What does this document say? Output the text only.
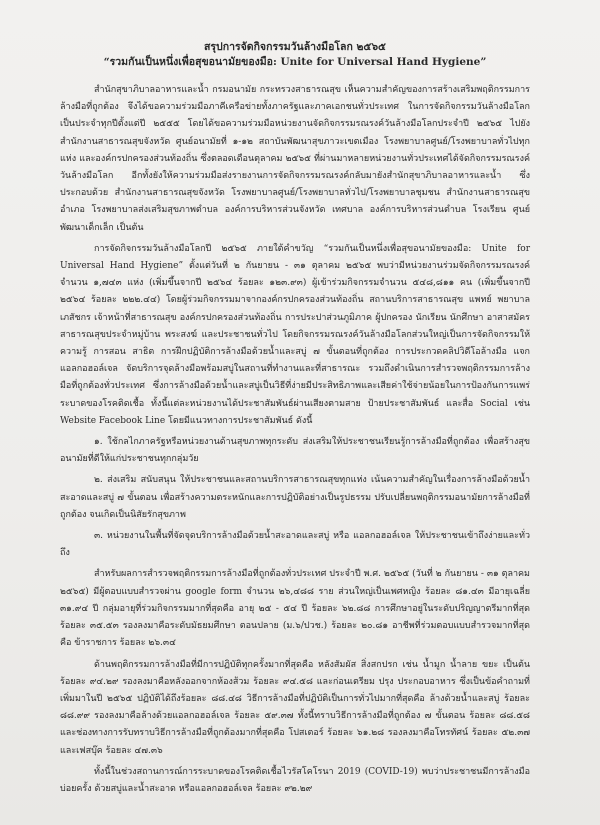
สรุปการจัดกิจกรรมวันล้างมือโลก ๒๕๖๕
“รวมกันเป็นหนึ่งเพื่อสุขอนามัยของมือ: Unite for Universal Hand Hygiene”

สำนักสุขาภิบาลอาหารและน้ำ กรมอนามัย กระทรวงสาธารณสุข เห็นความสำคัญของการสร้างเสริมพฤติกรรมการล้างมือที่ถูกต้อง จึงได้ขอความร่วมมือภาคีเครือข่ายทั้งภาครัฐและภาคเอกชนทั่วประเทศ ในการจัดกิจกรรมวันล้างมือโลกเป็นประจำทุกปีตั้งแต่ปี ๒๕๕๕ โดยได้ขอความร่วมมือหน่วยงานจัดกิจกรรมรณรงค์วันล้างมือโลกประจำปี ๒๕๖๕ ไปยังสำนักงานสาธารณสุขจังหวัด ศูนย์อนามัยที่ ๑-๑๒ สถาบันพัฒนาสุขภาวะเขตเมือง โรงพยาบาลศูนย์/โรงพยาบาลทั่วไปทุกแห่ง และองค์กรปกครองส่วนท้องถิ่น ซึ่งตลอดเดือนตุลาคม ๒๕๖๕ ที่ผ่านมาหลายหน่วยงานทั่วประเทศได้จัดกิจกรรมรณรงค์วันล้างมือโลก อีกทั้งยังให้ความร่วมมือส่งรายงานการจัดกิจกรรมรณรงค์กลับมายังสำนักสุขาภิบาลอาหารและน้ำ ซึ่งประกอบด้วย สำนักงานสาธารณสุขจังหวัด โรงพยาบาลศูนย์/โรงพยาบาลทั่วไป/โรงพยาบาลชุมชน สำนักงานสาธารณสุขอำเภอ โรงพยาบาลส่งเสริมสุขภาพตำบล องค์การบริหารส่วนจังหวัด เทศบาล องค์การบริหารส่วนตำบล โรงเรียน ศูนย์พัฒนาเด็กเล็ก เป็นต้น

การจัดกิจกรรมวันล้างมือโลกปี ๒๕๖๕ ภายใต้คำขวัญ “รวมกันเป็นหนึ่งเพื่อสุขอนามัยของมือ: Unite for Universal Hand Hygiene” ตั้งแต่วันที่ ๒ กันยายน - ๓๑ ตุลาคม ๒๕๖๕ พบว่ามีหน่วยงานร่วมจัดกิจกรรมรณรงค์ จำนวน ๑,๗๔๓ แห่ง (เพิ่มขึ้นจากปี ๒๕๖๔ ร้อยละ ๑๒๓.๙๓) ผู้เข้าร่วมกิจกรรมจำนวน ๕๔๘,๘๑๑ คน (เพิ่มขึ้นจากปี ๒๕๖๔ ร้อยละ ๒๒๒.๔๔) โดยผู้ร่วมกิจกรรมมาจากองค์กรปกครองส่วนท้องถิ่น สถานบริการสาธารณสุข แพทย์ พยาบาล เภสัชกร เจ้าหน้าที่สาธารณสุข องค์กรปกครองส่วนท้องถิ่น การประปาส่วนภูมิภาค ผู้ปกครอง นักเรียน นักศึกษา อาสาสมัครสาธารณสุขประจำหมู่บ้าน พระสงฆ์ และประชาชนทั่วไป โดยกิจกรรมรณรงค์วันล้างมือโลกส่วนใหญ่เป็นการจัดกิจกรรมให้ความรู้ การสอน สาธิต การฝึกปฏิบัติการล้างมือด้วยน้ำและสบู่ ๗ ขั้นตอนที่ถูกต้อง การประกวดคลิปวิดีโอล้างมือ แจกแอลกอฮอล์เจล จัดบริการจุดล้างมือพร้อมสบู่ในสถานที่ทำงานและที่สาธารณะ รวมถึงดำเนินการสำรวจพฤติกรรมการล้างมือที่ถูกต้องทั่วประเทศ ซึ่งการล้างมือด้วยน้ำและสบู่เป็นวิธีที่ง่ายมีประสิทธิภาพและเสียค่าใช้จ่ายน้อยในการป้องกันการแพร่ระบาดของโรคติดเชื้อ ทั้งนี้แต่ละหน่วยงานได้ประชาสัมพันธ์ผ่านเสียงตามสาย ป้ายประชาสัมพันธ์ และสื่อ Social เช่น Website Facebook Line โดยมีแนวทางการประชาสัมพันธ์ ดังนี้

๑. ใช้กลไกภาครัฐหรือหน่วยงานด้านสุขภาพทุกระดับ ส่งเสริมให้ประชาชนเรียนรู้การล้างมือที่ถูกต้อง เพื่อสร้างสุขอนามัยที่ดีให้แก่ประชาชนทุกกลุ่มวัย

๒. ส่งเสริม สนับสนุน ให้ประชาชนและสถานบริการสาธารณสุขทุกแห่ง เน้นความสำคัญในเรื่องการล้างมือด้วยน้ำสะอาดและสบู่ ๗ ขั้นตอน เพื่อสร้างความตระหนักและการปฏิบัติอย่างเป็นรูปธรรม ปรับเปลี่ยนพฤติกรรมอนามัยการล้างมือที่ถูกต้อง จนเกิดเป็นนิสัยรักสุขภาพ

๓. หน่วยงานในพื้นที่จัดจุดบริการล้างมือด้วยน้ำสะอาดและสบู่ หรือ แอลกอฮอล์เจล ให้ประชาชนเข้าถึงง่ายและทั่วถึง

สำหรับผลการสำรวจพฤติกรรมการล้างมือที่ถูกต้องทั่วประเทศ ประจำปี พ.ศ. ๒๕๖๕ (วันที่ ๒ กันยายน - ๓๑ ตุลาคม ๒๕๖๕) มีผู้ตอบแบบสำรวจผ่าน google form จำนวน ๒๖,๔๘๘ ราย ส่วนใหญ่เป็นเพศหญิง ร้อยละ ๘๑.๔๓ มีอายุเฉลี่ย ๓๑.๙๔ ปี กลุ่มอายุที่ร่วมกิจกรรมมากที่สุดคือ อายุ ๒๕ - ๕๔ ปี ร้อยละ ๖๒.๘๘ การศึกษาอยู่ในระดับปริญญาตรีมากที่สุด ร้อยละ ๓๕.๕๓ รองลงมาคือระดับมัธยมศึกษา ตอนปลาย (ม.๖/ปวช.) ร้อยละ ๒๐.๘๑ อาชีพที่ร่วมตอบแบบสำรวจมากที่สุดคือ ข้าราชการ ร้อยละ ๒๖.๓๔

ด้านพฤติกรรมการล้างมือที่มีการปฏิบัติทุกครั้งมากที่สุดคือ หลังสัมผัส สิ่งสกปรก เช่น น้ำมูก น้ำลาย ขยะ เป็นต้น ร้อยละ ๙๔.๒๙ รองลงมาคือหลังออกจากห้องส้วม ร้อยละ ๙๔.๕๘ และก่อนเตรียม ปรุง ประกอบอาหาร ซึ่งเป็นข้อคำถามที่เพิ่มมาในปี ๒๕๖๕ ปฏิบัติได้ถึงร้อยละ ๘๘.๔๘ วิธีการล้างมือที่ปฏิบัติเป็นการทั่วไปมากที่สุดคือ ล้างด้วยน้ำและสบู่ ร้อยละ ๘๘.๙๙ รองลงมาคือล้างด้วยแอลกอฮอล์เจล ร้อยละ ๕๙.๓๗ ทั้งนี้ทราบวิธีการล้างมือที่ถูกต้อง ๗ ขั้นตอน ร้อยละ ๘๘.๕๘ และช่องทางการรับทราบวิธีการล้างมือที่ถูกต้องมากที่สุดคือ โปสเตอร์ ร้อยละ ๖๑.๒๘ รองลงมาคือโทรทัศน์ ร้อยละ ๕๒.๓๗ และเฟสบุ๊ค ร้อยละ ๔๗.๓๖

ทั้งนี้ในช่วงสถานการณ์การระบาดของโรคติดเชื้อไวรัสโคโรนา 2019 (COVID-19) พบว่าประชาชนมีการล้างมือบ่อยครั้ง ด้วยสบู่และน้ำสะอาด หรือแอลกอฮอล์เจล ร้อยละ ๙๒.๒๙
